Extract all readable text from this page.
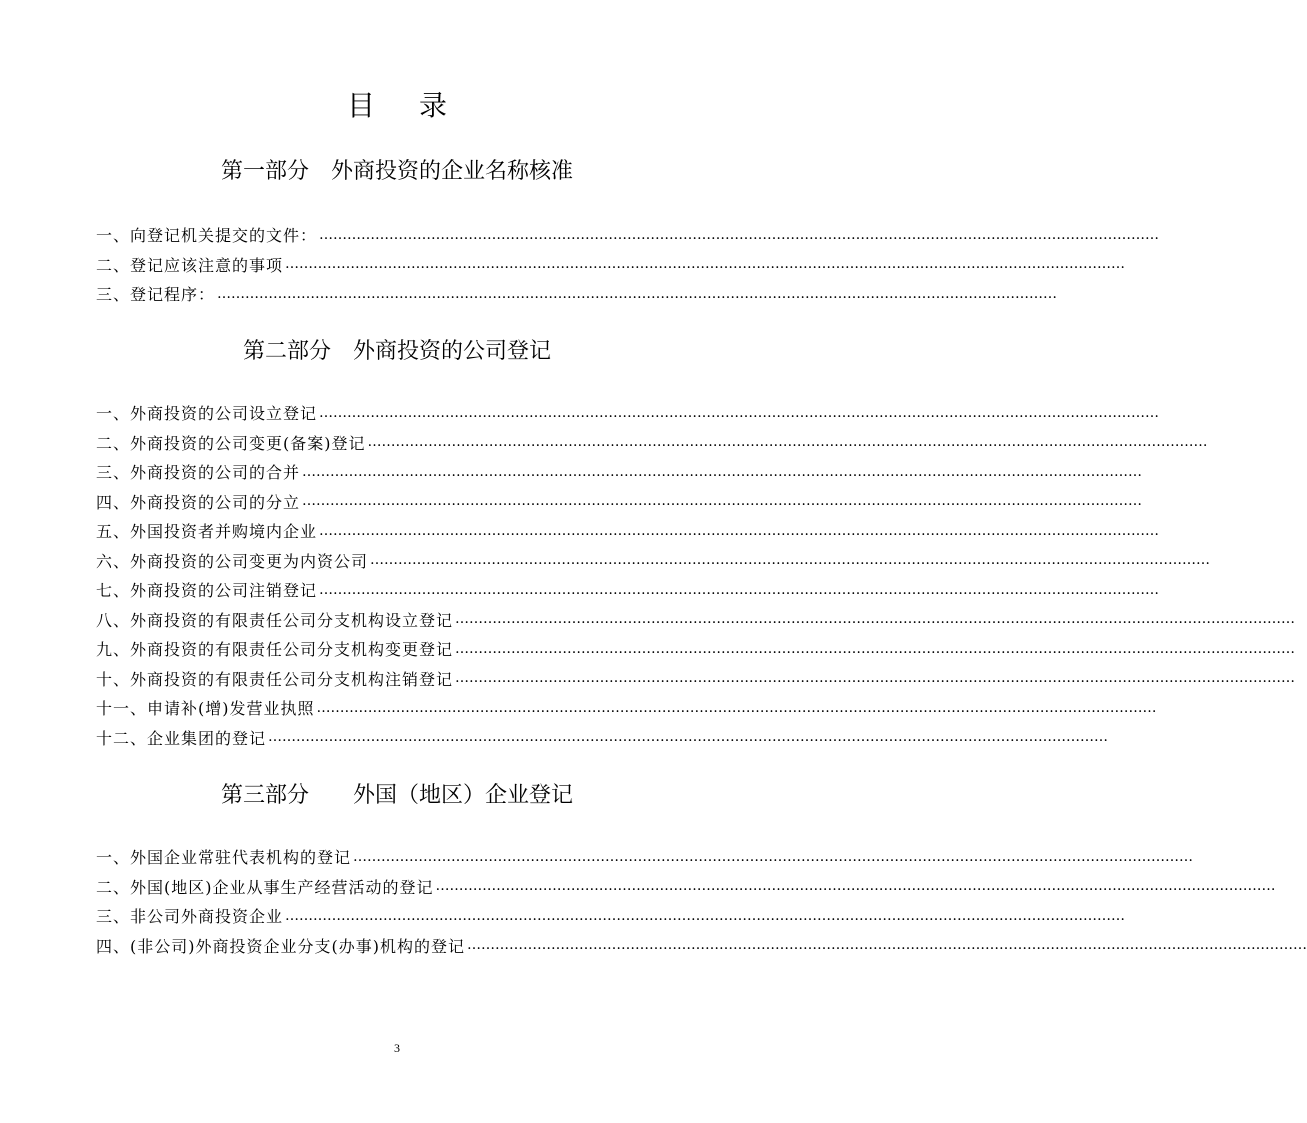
目录
第一部分　外商投资的企业名称核准
一、向登记机关提交的文件： ………………………………………………………………………………………………………………………………………………………………
二、登记应该注意的事项 ………………………………………………………………………………………………………………………………………………………………
三、登记程序： ………………………………………………………………………………………………………………………………………………………………
第二部分　外商投资的公司登记
一、外商投资的公司设立登记 ………………………………………………………………………………………………………………………………………………………………
二、外商投资的公司变更(备案)登记 ………………………………………………………………………………………………………………………………………………………………
三、外商投资的公司的合并 ………………………………………………………………………………………………………………………………………………………………
四、外商投资的公司的分立 ………………………………………………………………………………………………………………………………………………………………
五、外国投资者并购境内企业 ………………………………………………………………………………………………………………………………………………………………
六、外商投资的公司变更为内资公司 ………………………………………………………………………………………………………………………………………………………………
七、外商投资的公司注销登记 ………………………………………………………………………………………………………………………………………………………………
八、外商投资的有限责任公司分支机构设立登记 ………………………………………………………………………………………………………………………………………………………………
九、外商投资的有限责任公司分支机构变更登记 ………………………………………………………………………………………………………………………………………………………………
十、外商投资的有限责任公司分支机构注销登记 ………………………………………………………………………………………………………………………………………………………………
十一、申请补(增)发营业执照 ………………………………………………………………………………………………………………………………………………………………
十二、企业集团的登记 ………………………………………………………………………………………………………………………………………………………………
第三部分　　外国（地区）企业登记
一、外国企业常驻代表机构的登记 ………………………………………………………………………………………………………………………………………………………………
二、外国(地区)企业从事生产经营活动的登记 ………………………………………………………………………………………………………………………………………………………………
三、非公司外商投资企业 ………………………………………………………………………………………………………………………………………………………………
四、(非公司)外商投资企业分支(办事)机构的登记 ………………………………………………………………………………………………………………………………………………………………
3
